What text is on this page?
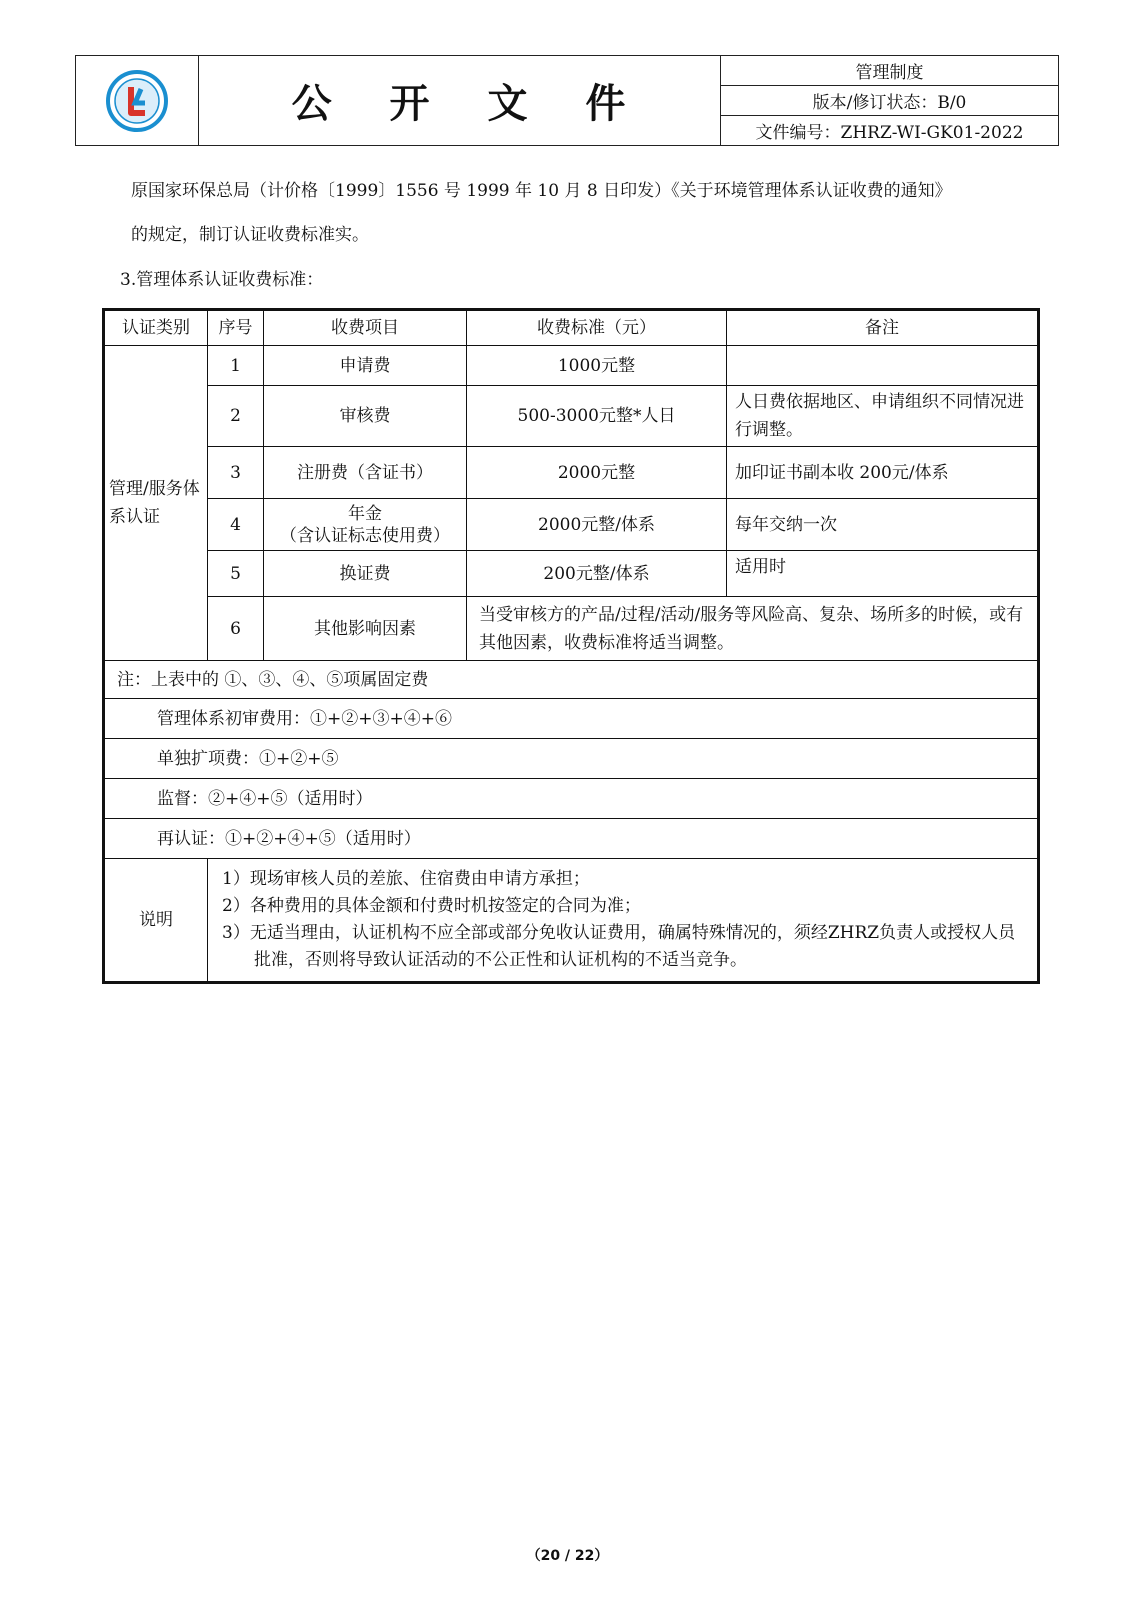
公 开 文 件
管理制度
版本/修订状态：B/0
文件编号：ZHRZ-WI-GK01-2022
原国家环保总局（计价格〔1999〕1556 号 1999 年 10 月 8 日印发）《关于环境管理体系认证收费的通知》
的规定，制订认证收费标准实。
3.管理体系认证收费标准：
认证类别	序号	收费项目	收费标准（元）	备注
管理/服务体系认证	1	申请费	1000元整	
	2	审核费	500-3000元整*人日	人日费依据地区、申请组织不同情况进行调整。
	3	注册费（含证书）	2000元整	加印证书副本收 200元/体系
	4	年金
（含认证标志使用费）	2000元整/体系	每年交纳一次
	5	换证费	200元整/体系	适用时
	6	其他影响因素	当受审核方的产品/过程/活动/服务等风险高、复杂、场所多的时候，或有其他因素，收费标准将适当调整。	
注：上表中的 ①、③、④、⑤项属固定费				
管理体系初审费用：①+②+③+④+⑥				
单独扩项费：①+②+⑤				
监督：②+④+⑤（适用时）				
再认证：①+②+④+⑤（适用时）				
说明	1）现场审核人员的差旅、住宿费由申请方承担；
2）各种费用的具体金额和付费时机按签定的合同为准；
3）无适当理由，认证机构不应全部或部分免收认证费用，确属特殊情况的，须经ZHRZ负责人或授权人员批准，否则将导致认证活动的不公正性和认证机构的不适当竞争。			
（20 / 22）
